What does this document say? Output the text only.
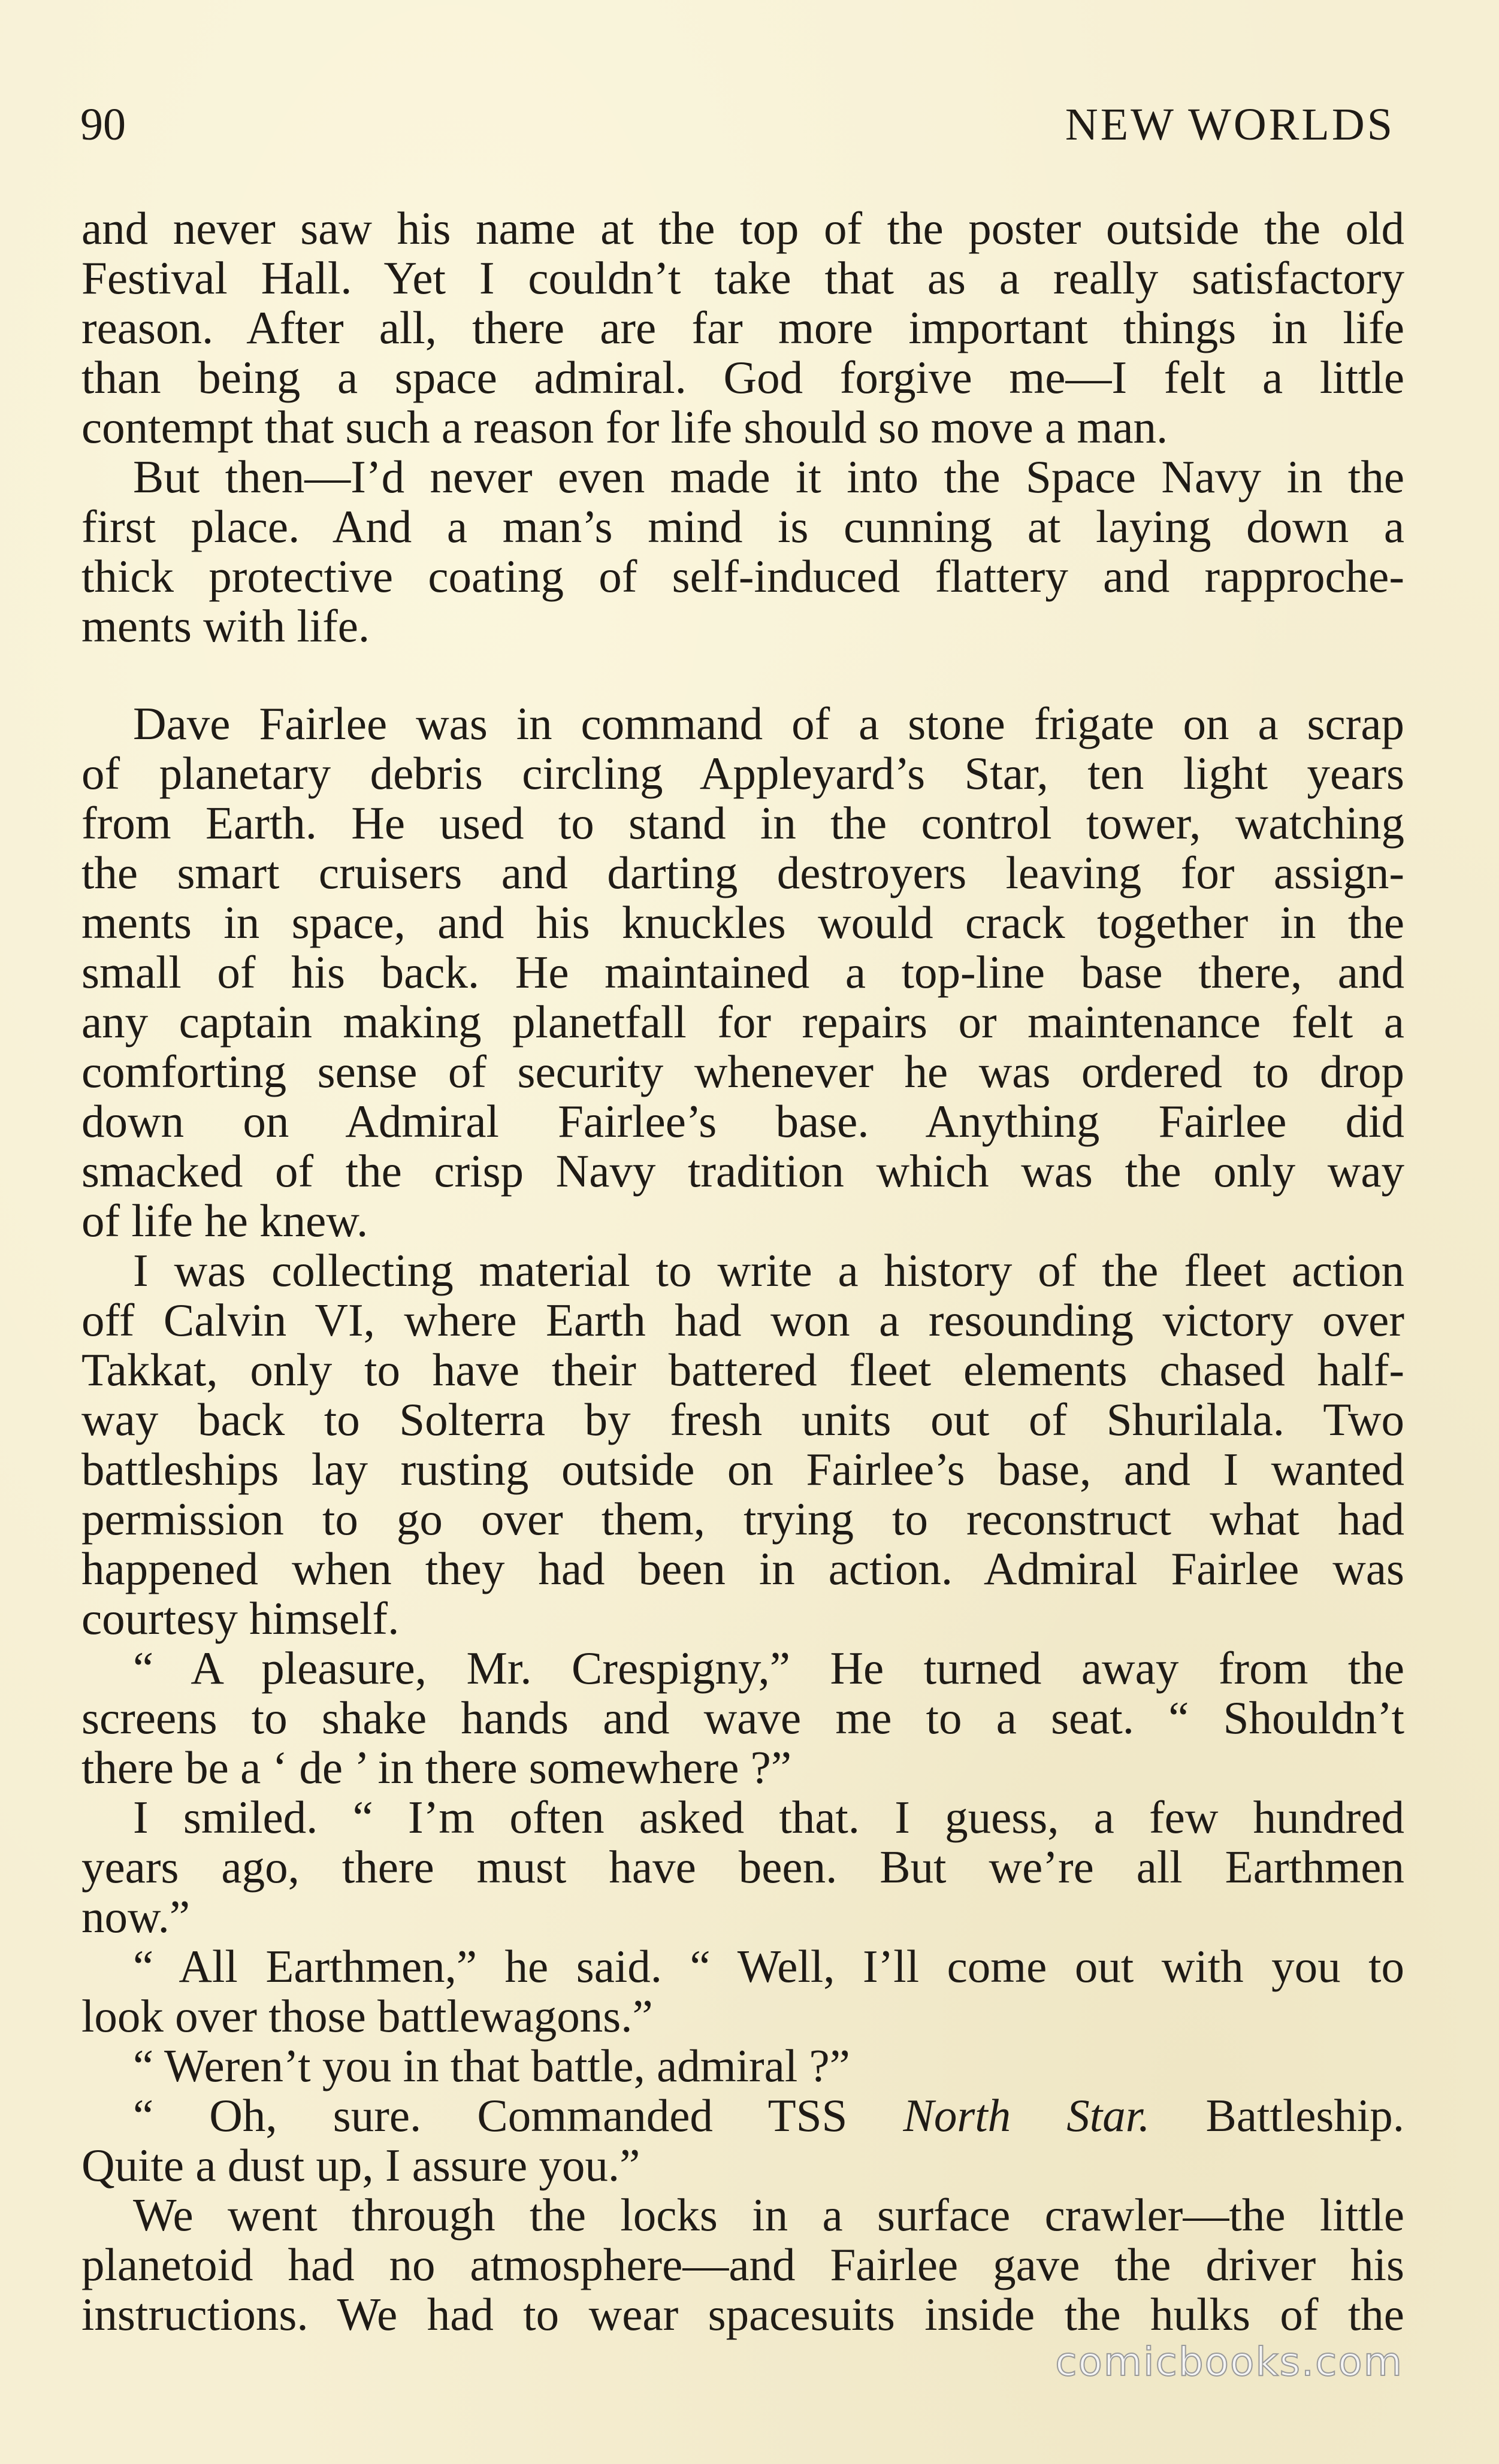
90	NEW WORLDS
and never saw his name at the top of the poster outside the old
Festival Hall. Yet I couldn’t take that as a really satisfactory
reason. After all, there are far more important things in life
than being a space admiral. God forgive me—I felt a little
contempt that such a reason for life should so move a man.
But then—I’d never even made it into the Space Navy in the
first place. And a man’s mind is cunning at laying down a
thick protective coating of self-induced flattery and rapproche-
ments with life.
Dave Fairlee was in command of a stone frigate on a scrap
of planetary debris circling Appleyard’s Star, ten light years
from Earth. He used to stand in the control tower, watching
the smart cruisers and darting destroyers leaving for assign-
ments in space, and his knuckles would crack together in the
small of his back. He maintained a top-line base there, and
any captain making planetfall for repairs or maintenance felt a
comforting sense of security whenever he was ordered to drop
down on Admiral Fairlee’s base. Anything Fairlee did
smacked of the crisp Navy tradition which was the only way
of life he knew.
I was collecting material to write a history of the fleet action
off Calvin VI, where Earth had won a resounding victory over
Takkat, only to have their battered fleet elements chased half-
way back to Solterra by fresh units out of Shurilala. Two
battleships lay rusting outside on Fairlee’s base, and I wanted
permission to go over them, trying to reconstruct what had
happened when they had been in action. Admiral Fairlee was
courtesy himself.
“ A pleasure, Mr. Crespigny,” He turned away from the
screens to shake hands and wave me to a seat. “ Shouldn’t
there be a ‘ de ’ in there somewhere ?”
I smiled. “ I’m often asked that. I guess, a few hundred
years ago, there must have been. But we’re all Earthmen
now.”
“ All Earthmen,” he said. “ Well, I’ll come out with you to
look over those battlewagons.”
“ Weren’t you in that battle, admiral ?”
“ Oh, sure. Commanded TSS North Star. Battleship.
Quite a dust up, I assure you.”
We went through the locks in a surface crawler—the little
planetoid had no atmosphere—and Fairlee gave the driver his
instructions. We had to wear spacesuits inside the hulks of the
comicbooks.com
